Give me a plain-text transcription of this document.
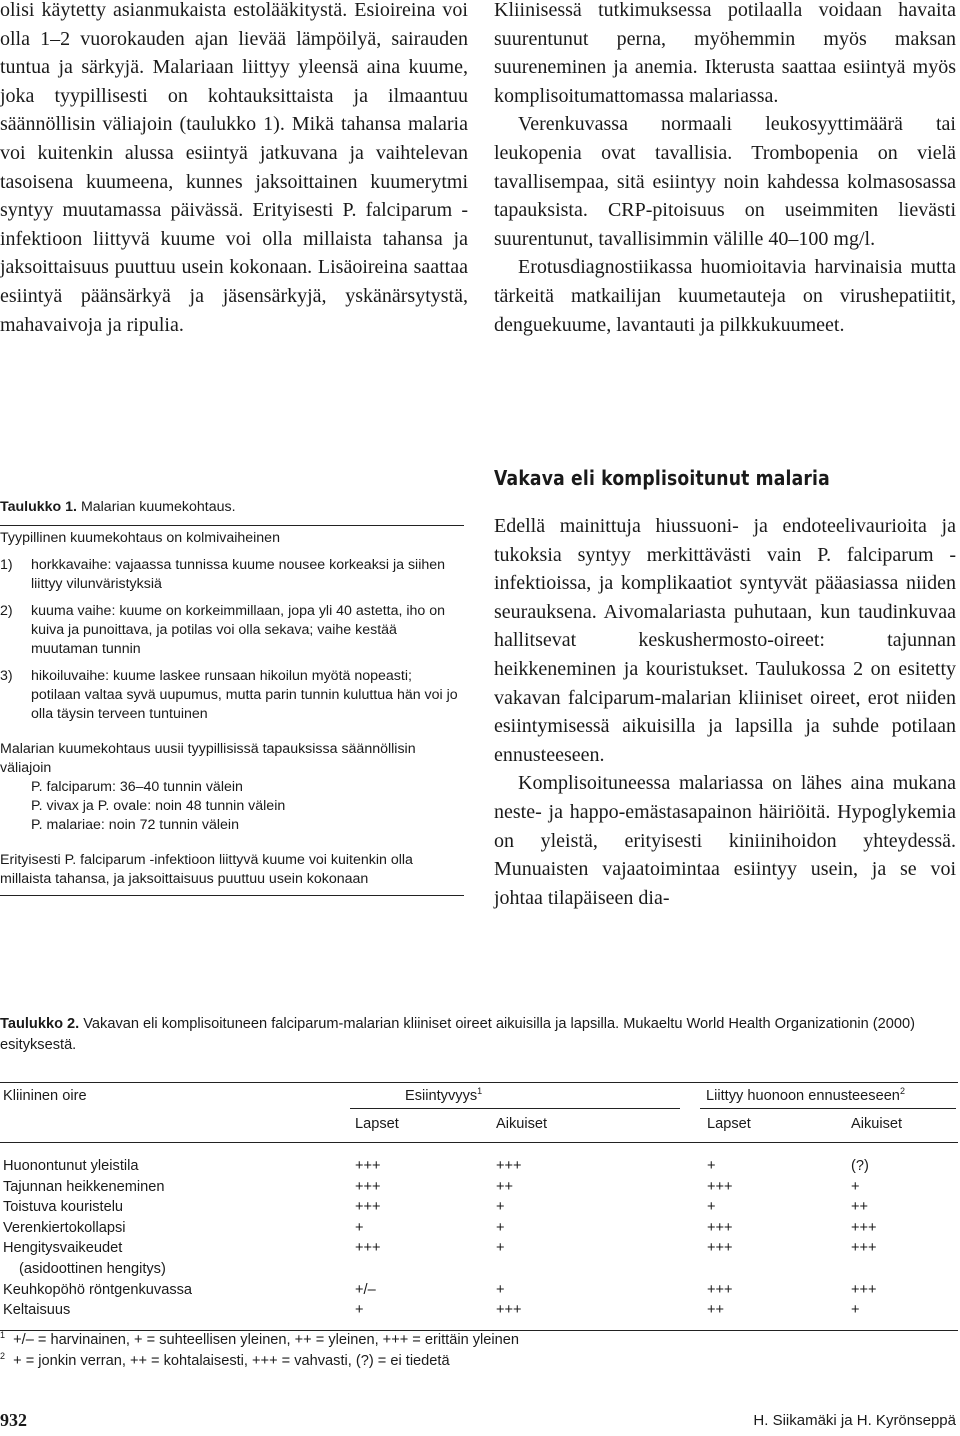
olisi käytetty asianmukaista estolääkitystä. Esioireina voi olla 1–2 vuorokauden ajan lievää lämpöilyä, sairauden tuntua ja särkyjä. Malariaan liittyy yleensä aina kuume, joka tyypillisesti on kohtauksittaista ja ilmaantuu säännöllisin väliajoin (taulukko 1). Mikä tahansa malaria voi kuitenkin alussa esiintyä jatkuvana ja vaihtelevan tasoisena kuumeena, kunnes jaksoittainen kuumerytmi syntyy muutamassa päivässä. Erityisesti P. falciparum -infektioon liittyvä kuume voi olla millaista tahansa ja jaksoittaisuus puuttuu usein kokonaan. Lisäoireina saattaa esiintyä päänsärkyä ja jäsensärkyjä, yskänärsytystä, mahavaivoja ja ripulia.

Kliinisessä tutkimuksessa potilaalla voidaan havaita suurentunut perna, myöhemmin myös maksan suureneminen ja anemia. Ikterusta saattaa esiintyä myös komplisoitumattomassa malariassa.

Verenkuvassa normaali leukosyyttimäärä tai leukopenia ovat tavallisia. Trombopenia on vielä tavallisempaa, sitä esiintyy noin kahdessa kolmasosassa tapauksista. CRP-pitoisuus on useimmiten lievästi suurentunut, tavallisimmin välille 40–100 mg/l.

Erotusdiagnostiikassa huomioitavia harvinaisia mutta tärkeitä matkailijan kuumetauteja on virushepatiitit, denguekuume, lavantauti ja pilkkukuumeet.

Vakava eli komplisoitunut malaria

Edellä mainittuja hiussuoni- ja endoteelivaurioita ja tukoksia syntyy merkittävästi vain P. falciparum -infektioissa, ja komplikaatiot syntyvät pääasiassa niiden seurauksena. Aivomalariasta puhutaan, kun taudinkuvaa hallitsevat keskushermosto-oireet: tajunnan heikkeneminen ja kouristukset. Taulukossa 2 on esitetty vakavan falciparum-malarian kliiniset oireet, erot niiden esiintymisessä aikuisilla ja lapsilla ja suhde potilaan ennusteeseen.

Komplisoituneessa malariassa on lähes aina mukana neste- ja happo-emästasapainon häiriöitä. Hypoglykemia on yleistä, erityisesti kiniinihoidon yhteydessä. Munuaisten vajaatoimintaa esiintyy usein, ja se voi johtaa tilapäiseen dia-

Taulukko 1. Malarian kuumekohtaus.
Tyypillinen kuumekohtaus on kolmivaiheinen
1)	horkkavaihe: vajaassa tunnissa kuume nousee korkeaksi ja siihen liittyy vilunväristyksiä
2)	kuuma vaihe: kuume on korkeimmillaan, jopa yli 40 astetta, iho on kuiva ja punoittava, ja potilas voi olla sekava; vaihe kestää muutaman tunnin
3)	hikoiluvaihe: kuume laskee runsaan hikoilun myötä nopeasti; potilaan valtaa syvä uupumus, mutta parin tunnin kuluttua hän voi jo olla täysin terveen tuntuinen
Malarian kuumekohtaus uusii tyypillisissä tapauksissa säännöllisin väliajoin
P. falciparum: 36–40 tunnin välein
P. vivax ja P. ovale: noin 48 tunnin välein
P. malariae: noin 72 tunnin välein
Erityisesti P. falciparum -infektioon liittyvä kuume voi kuitenkin olla millaista tahansa, ja jaksoittaisuus puuttuu usein kokonaan
Taulukko 2. Vakavan eli komplisoituneen falciparum-malarian kliiniset oireet aikuisilla ja lapsilla. Mukaeltu World Health Organizationin (2000) esityksestä.
Kliininen oire	Esiintyvyys$^1$	Liittyy huonoon ennusteeseen$^2$
Lapset	Aikuiset	Lapset	Aikuiset
Huonontunut yleistila	+++	+++	+	(?)
Tajunnan heikkeneminen	+++	++	+++	+
Toistuva kouristelu	+++	+	+	++
Verenkiertokollapsi	+	+	+++	+++
Hengitysvaikeudet	+++	+	+++	+++
(asidoottinen hengitys)
Keuhkopöhö röntgenkuvassa	+/–	+	+++	+++
Keltaisuus	+	+++	++	+
$^1$ +/– = harvinainen, + = suhteellisen yleinen, ++ = yleinen, +++ = erittäin yleinen
$^2$ + = jonkin verran, ++ = kohtalaisesti, +++ = vahvasti, (?) = ei tiedetä
932	H. Siikamäki ja H. Kyrönseppä
